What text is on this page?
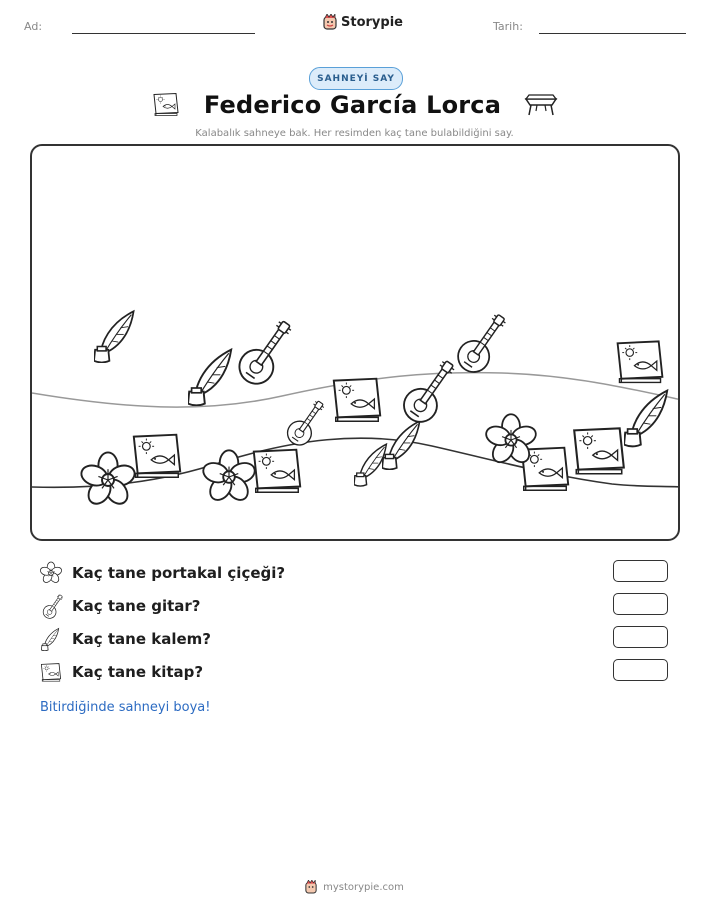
Ad:	Storypie	Tarih:
SAHNEYİ SAY
Federico García Lorca
Kalabalık sahneye bak. Her resimden kaç tane bulabildiğini say.
Kaç tane portakal çiçeği?
Kaç tane gitar?
Kaç tane kalem?
Kaç tane kitap?
Bitirdiğinde sahneyi boya!
mystorypie.com
